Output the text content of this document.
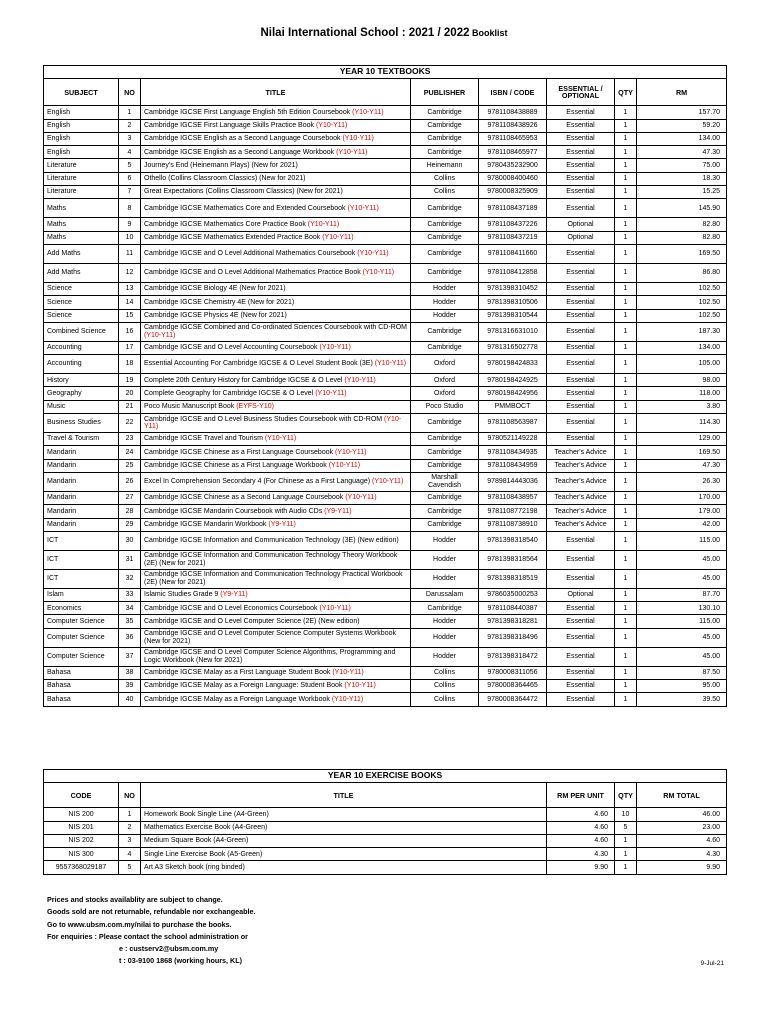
Nilai International School : 2021 / 2022 Booklist
YEAR 10 TEXTBOOKS							
SUBJECT	NO	TITLE	PUBLISHER	ISBN / CODE	ESSENTIAL / OPTIONAL	QTY	RM
English	1	Cambridge IGCSE First Language English 5th Edition Coursebook (Y10-Y11)	Cambridge	9781108438889	Essential	1	157.70
English	2	Cambridge IGCSE First Language Skills Practice Book (Y10-Y11)	Cambridge	9781108438926	Essential	1	59.20
English	3	Cambridge IGCSE English as a Second Language Coursebook (Y10-Y11)	Cambridge	9781108465953	Essential	1	134.00
English	4	Cambridge IGCSE English as a Second Language Workbook (Y10-Y11)	Cambridge	9781108465977	Essential	1	47.30
Literature	5	Journey's End (Heinemann Plays) (New for 2021)	Heinemann	9780435232900	Essential	1	75.00
Literature	6	Othello (Collins Classroom Classics) (New for 2021)	Collins	9780008400460	Essential	1	18.30
Literature	7	Great Expectations (Collins Classroom Classics) (New for 2021)	Collins	9780008325909	Essential	1	15.25
Maths	8	Cambridge IGCSE Mathematics Core and Extended Coursebook (Y10-Y11)	Cambridge	9781108437189	Essential	1	145.90
Maths	9	Cambridge IGCSE Mathematics Core Practice Book (Y10-Y11)	Cambridge	9781108437226	Optional	1	82.80
Maths	10	Cambridge IGCSE Mathematics Extended Practice Book (Y10-Y11)	Cambridge	9781108437219	Optional	1	82.80
Add Maths	11	Cambridge IGCSE and O Level Additional Mathematics Coursebook (Y10-Y11)	Cambridge	9781108411660	Essential	1	169.50
Add Maths	12	Cambridge IGCSE and O Level Additional Mathematics Practice Book (Y10-Y11)	Cambridge	9781108412858	Essential	1	86.80
Science	13	Cambridge IGCSE Biology 4E (New for 2021)	Hodder	9781398310452	Essential	1	102.50
Science	14	Cambridge IGCSE Chemistry 4E (New for 2021)	Hodder	9781398310506	Essential	1	102.50
Science	15	Cambridge IGCSE Physics 4E (New for 2021)	Hodder	9781398310544	Essential	1	102.50
Combined Science	16	Cambridge IGCSE Combined and Co-ordinated Sciences Coursebook with CD-ROM (Y10-Y11)	Cambridge	9781316631010	Essential	1	187.30
Accounting	17	Cambridge IGCSE and O Level Accounting Coursebook (Y10-Y11)	Cambridge	9781316502778	Essential	1	134.00
Accounting	18	Essential Accounting For Cambridge IGCSE & O Level Student Book (3E) (Y10-Y11)	Oxford	9780198424833	Essential	1	105.00
History	19	Complete 20th Century History for Cambridge IGCSE & O Level (Y10-Y11)	Oxford	9780198424925	Essential	1	98.00
Geography	20	Complete Geography for Cambridge IGCSE & O Level (Y10-Y11)	Oxford	9780198424956	Essential	1	118.00
Music	21	Poco Music Manuscript Book (EYFS-Y10)	Poco Studio	PMMBOCT	Essential	1	3.80
Business Studies	22	Cambridge IGCSE and O Level Business Studies Coursebook with CD-ROM (Y10-Y11)	Cambridge	9781108563987	Essential	1	114.30
Travel & Tourism	23	Cambridge IGCSE Travel and Tourism (Y10-Y11)	Cambridge	9780521149228	Essential	1	129.00
Mandarin	24	Cambridge IGCSE Chinese as a First Language Coursebook (Y10-Y11)	Cambridge	9781108434935	Teacher's Advice	1	169.50
Mandarin	25	Cambridge IGCSE Chinese as a First Language Workbook (Y10-Y11)	Cambridge	9781108434959	Teacher's Advice	1	47.30
Mandarin	26	Excel In Comprehension Secondary 4 (For Chinese as a First Language) (Y10-Y11)	Marshall Cavendish	9789814443036	Teacher's Advice	1	26.30
Mandarin	27	Cambridge IGCSE Chinese as a Second Language Coursebook (Y10-Y11)	Cambridge	9781108438957	Teacher's Advice	1	170.00
Mandarin	28	Cambridge IGCSE Mandarin Coursebook with Audio CDs (Y9-Y11)	Cambridge	9781108772198	Teacher's Advice	1	179.00
Mandarin	29	Cambridge IGCSE Mandarin Workbook (Y9-Y11)	Cambridge	9781108738910	Teacher's Advice	1	42.00
ICT	30	Cambridge IGCSE Information and Communication Technology (3E) (New edition)	Hodder	9781398318540	Essential	1	115.00
ICT	31	Cambridge IGCSE Information and Communication Technology Theory Workbook (2E) (New for 2021)	Hodder	9781398318564	Essential	1	45.00
ICT	32	Cambridge IGCSE Information and Communication Technology Practical Workbook (2E) (New for 2021)	Hodder	9781398318519	Essential	1	45.00
Islam	33	Islamic Studies Grade 9 (Y9-Y11)	Darussalam	9786035000253	Optional	1	87.70
Economics	34	Cambridge IGCSE and O Level Economics Coursebook (Y10-Y11)	Cambridge	9781108440387	Essential	1	130.10
Computer Science	35	Cambridge IGCSE and O Level Computer Science (2E) (New edition)	Hodder	9781398318281	Essential	1	115.00
Computer Science	36	Cambridge IGCSE and O Level Computer Science Computer Systems Workbook (New for 2021)	Hodder	9781398318496	Essential	1	45.00
Computer Science	37	Cambridge IGCSE and O Level Computer Science Algorithms, Programming and Logic Workbook (New for 2021)	Hodder	9781398318472	Essential	1	45.00
Bahasa	38	Cambridge IGCSE Malay as a First Language Student Book (Y10-Y11)	Collins	9780008311056	Essential	1	87.50
Bahasa	39	Cambridge IGCSE Malay as a Foreign Language: Student Book (Y10-Y11)	Collins	9780008364465	Essential	1	95.00
Bahasa	40	Cambridge IGCSE Malay as a Foreign Language Workbook (Y10-Y11)	Collins	9780008364472	Essential	1	39.50
YEAR 10 EXERCISE BOOKS					
CODE	NO	TITLE	RM PER UNIT	QTY	RM TOTAL
NIS 200	1	Homework Book Single Line (A4-Green)	4.60	10	46.00
NIS 201	2	Mathematics Exercise Book (A4-Green)	4.60	5	23.00
NIS 202	3	Medium Square Book (A4-Green)	4.60	1	4.60
NIS 300	4	Single Line Exercise Book (A5-Green)	4.30	1	4.30
9557368029187	5	Art A3 Sketch book (ring binded)	9.90	1	9.90
Prices and stocks availablity are subject to change.
Goods sold are not returnable, refundable nor exchangeable.
Go to www.ubsm.com.my/nilai to purchase the books.
For enquiries : Please contact the school administration or
e : custserv2@ubsm.com.my
t : 03-9100 1868 (working hours, KL)	9-Jul-21
